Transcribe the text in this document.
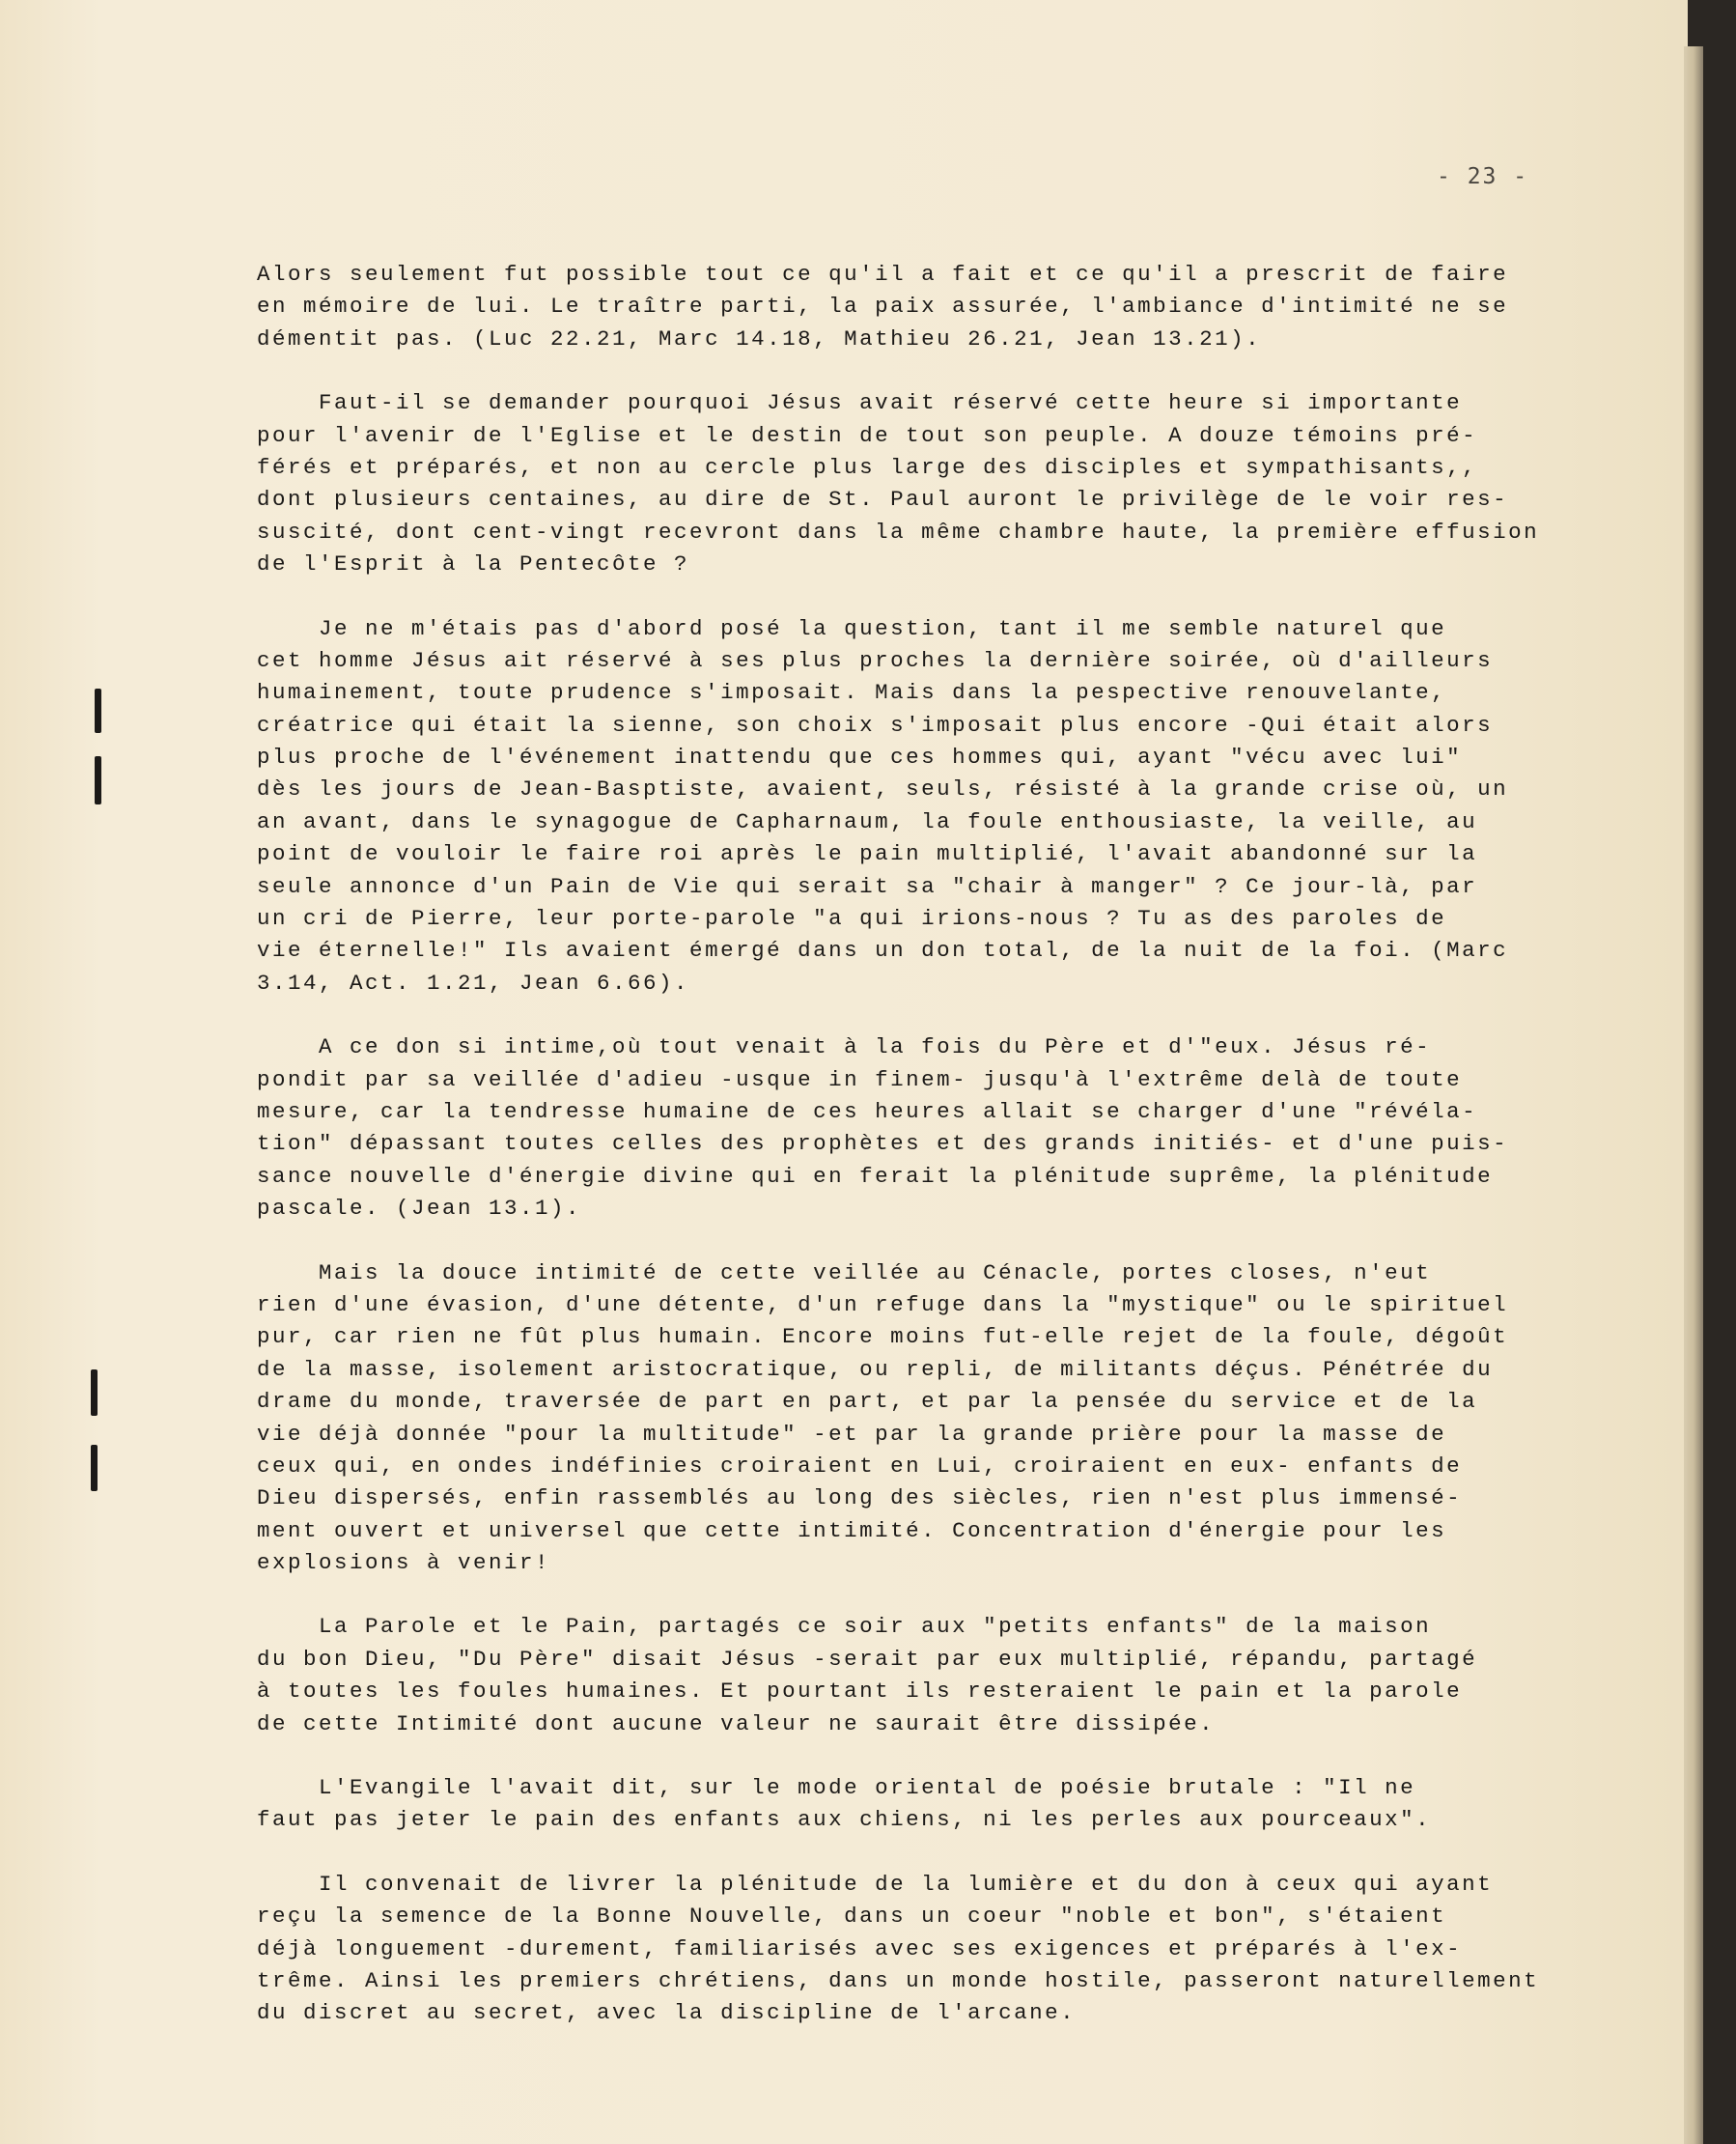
- 23 -
Alors seulement fut possible tout ce qu'il a fait et ce qu'il a prescrit de faire
en mémoire de lui. Le traître parti, la paix assurée, l'ambiance d'intimité ne se
démentit pas. (Luc 22.21, Marc 14.18, Mathieu 26.21, Jean 13.21).
Faut-il se demander pourquoi Jésus avait réservé cette heure si importante
pour l'avenir de l'Eglise et le destin de tout son peuple. A douze témoins pré-
férés et préparés, et non au cercle plus large des disciples et sympathisants,,
dont plusieurs centaines, au dire de St. Paul auront le privilège de le voir res-
suscité, dont cent-vingt recevront dans la même chambre haute, la première effusion
de l'Esprit à la Pentecôte ?
Je ne m'étais pas d'abord posé la question, tant il me semble naturel que
cet homme Jésus ait réservé à ses plus proches la dernière soirée, où d'ailleurs
humainement, toute prudence s'imposait. Mais dans la pespective renouvelante,
créatrice qui était la sienne, son choix s'imposait plus encore -Qui était alors
plus proche de l'événement inattendu que ces hommes qui, ayant "vécu avec lui"
dès les jours de Jean-Basptiste, avaient, seuls, résisté à la grande crise où, un
an avant, dans le synagogue de Capharnaum, la foule enthousiaste, la veille, au
point de vouloir le faire roi après le pain multiplié, l'avait abandonné sur la
seule annonce d'un Pain de Vie qui serait sa "chair à manger" ? Ce jour-là, par
un cri de Pierre, leur porte-parole "a qui irions-nous ? Tu as des paroles de
vie éternelle!" Ils avaient émergé dans un don total, de la nuit de la foi. (Marc
3.14, Act. 1.21, Jean 6.66).
A ce don si intime,où tout venait à la fois du Père et d'"eux. Jésus ré-
pondit par sa veillée d'adieu -usque in finem- jusqu'à l'extrême delà de toute
mesure, car la tendresse humaine de ces heures allait se charger d'une "révéla-
tion" dépassant toutes celles des prophètes et des grands initiés- et d'une puis-
sance nouvelle d'énergie divine qui en ferait la plénitude suprême, la plénitude
pascale. (Jean 13.1).
Mais la douce intimité de cette veillée au Cénacle, portes closes, n'eut
rien d'une évasion, d'une détente, d'un refuge dans la "mystique" ou le spirituel
pur, car rien ne fût plus humain. Encore moins fut-elle rejet de la foule, dégoût
de la masse, isolement aristocratique, ou repli, de militants déçus. Pénétrée du
drame du monde, traversée de part en part, et par la pensée du service et de la
vie déjà donnée "pour la multitude" -et par la grande prière pour la masse de
ceux qui, en ondes indéfinies croiraient en Lui, croiraient en eux- enfants de
Dieu dispersés, enfin rassemblés au long des siècles, rien n'est plus immensé-
ment ouvert et universel que cette intimité. Concentration d'énergie pour les
explosions à venir!
La Parole et le Pain, partagés ce soir aux "petits enfants" de la maison
du bon Dieu, "Du Père" disait Jésus -serait par eux multiplié, répandu, partagé
à toutes les foules humaines. Et pourtant ils resteraient le pain et la parole
de cette Intimité dont aucune valeur ne saurait être dissipée.
L'Evangile l'avait dit, sur le mode oriental de poésie brutale : "Il ne
faut pas jeter le pain des enfants aux chiens, ni les perles aux pourceaux".
Il convenait de livrer la plénitude de la lumière et du don à ceux qui ayant
reçu la semence de la Bonne Nouvelle, dans un coeur "noble et bon", s'étaient
déjà longuement -durement, familiarisés avec ses exigences et préparés à l'ex-
trême. Ainsi les premiers chrétiens, dans un monde hostile, passeront naturellement
du discret au secret, avec la discipline de l'arcane.
